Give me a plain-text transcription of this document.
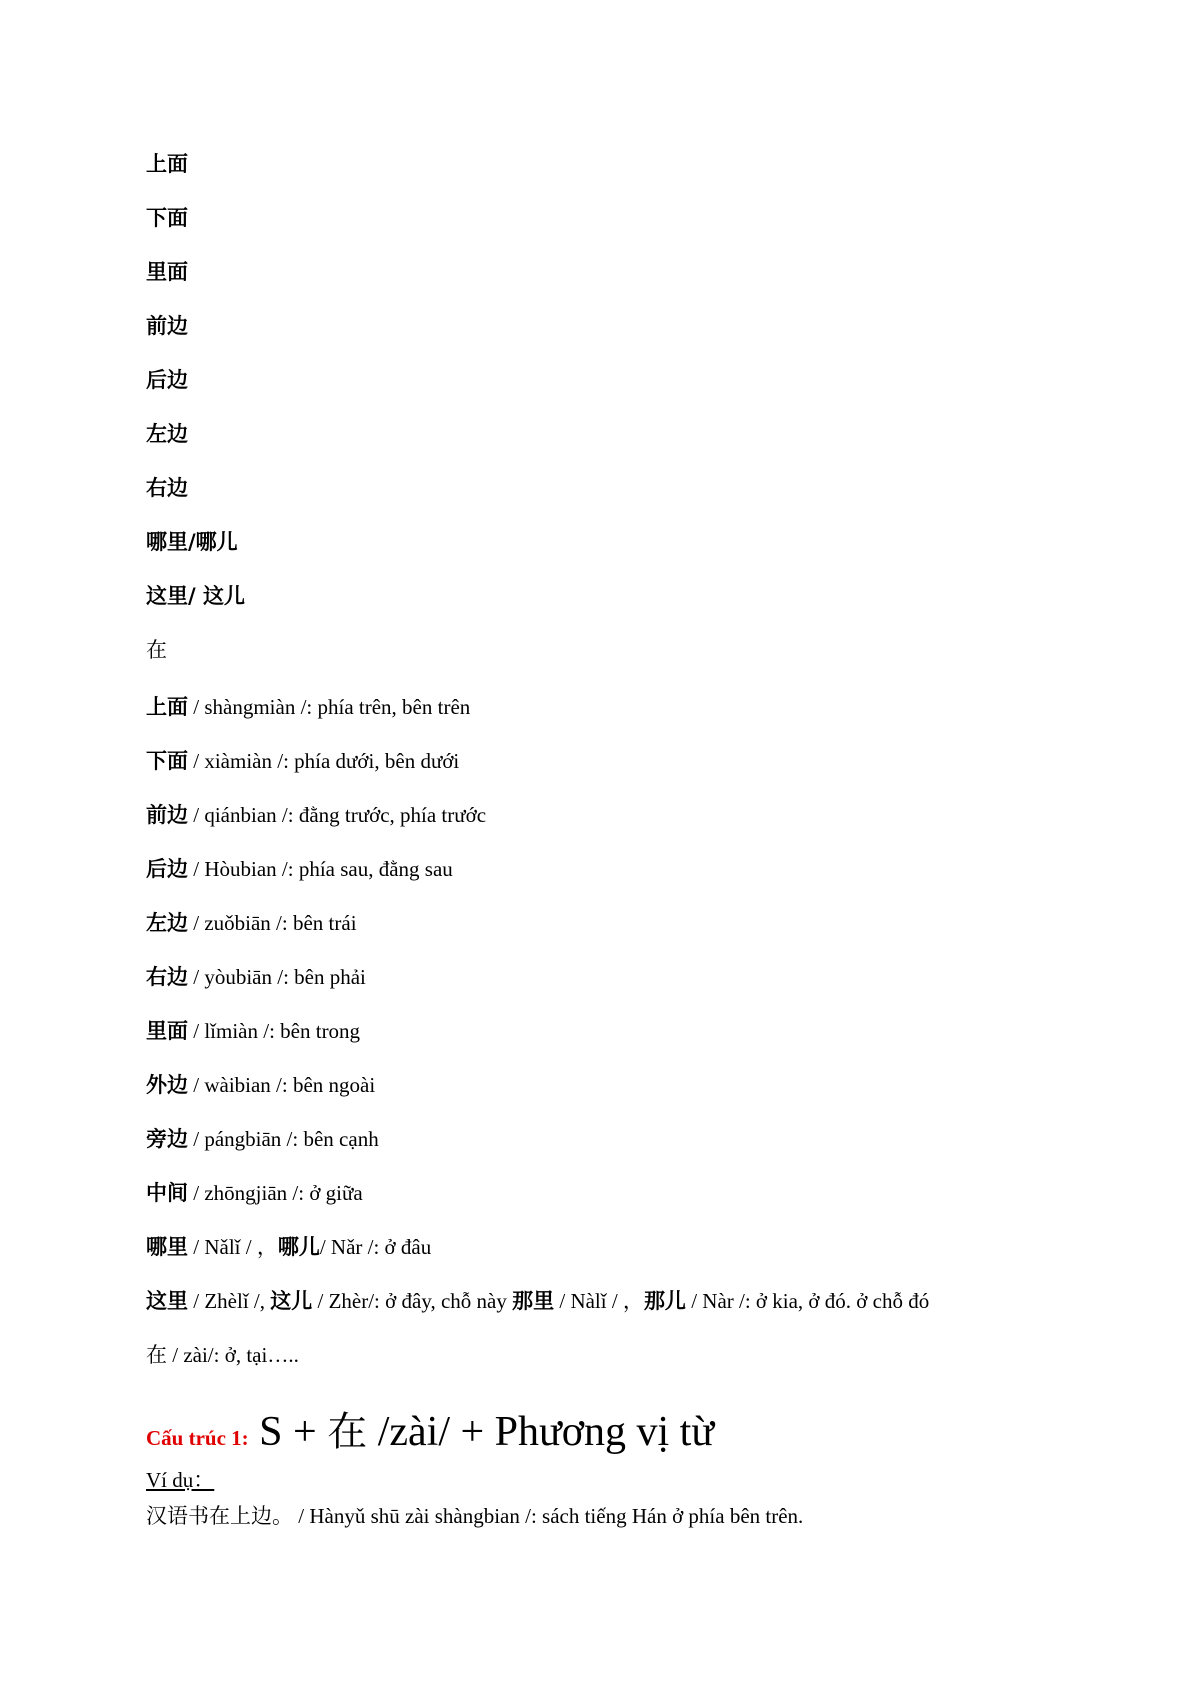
上面
下面
里面
前边
后边
左边
右边
哪里/哪儿
这里/ 这儿
在
上面 / shàngmiàn /: phía trên, bên trên
下面 / xiàmiàn /: phía dưới, bên dưới
前边 / qiánbian /: đằng trước, phía trước
后边 / Hòubian /: phía sau, đằng sau
左边 / zuǒbiān /: bên trái
右边 / yòubiān /: bên phải
里面 / lǐmiàn /: bên trong
外边 / wàibian /: bên ngoài
旁边 / pángbiān /: bên cạnh
中间 / zhōngjiān /: ở giữa
哪里 / Nǎlǐ / ，哪儿/ Nǎr /: ở đâu
这里 / Zhèlǐ /, 这儿 / Zhèr/: ở đây, chỗ này 那里 / Nàlǐ / ，那儿 / Nàr /: ở kia, ở đó. ở chỗ đó
在 / zài/: ở, tại…..
Cấu trúc 1: S + 在 /zài/ + Phương vị từ
Ví dụ：
汉语书在上边。 / Hànyǔ shū zài shàngbian /: sách tiếng Hán ở phía bên trên.
